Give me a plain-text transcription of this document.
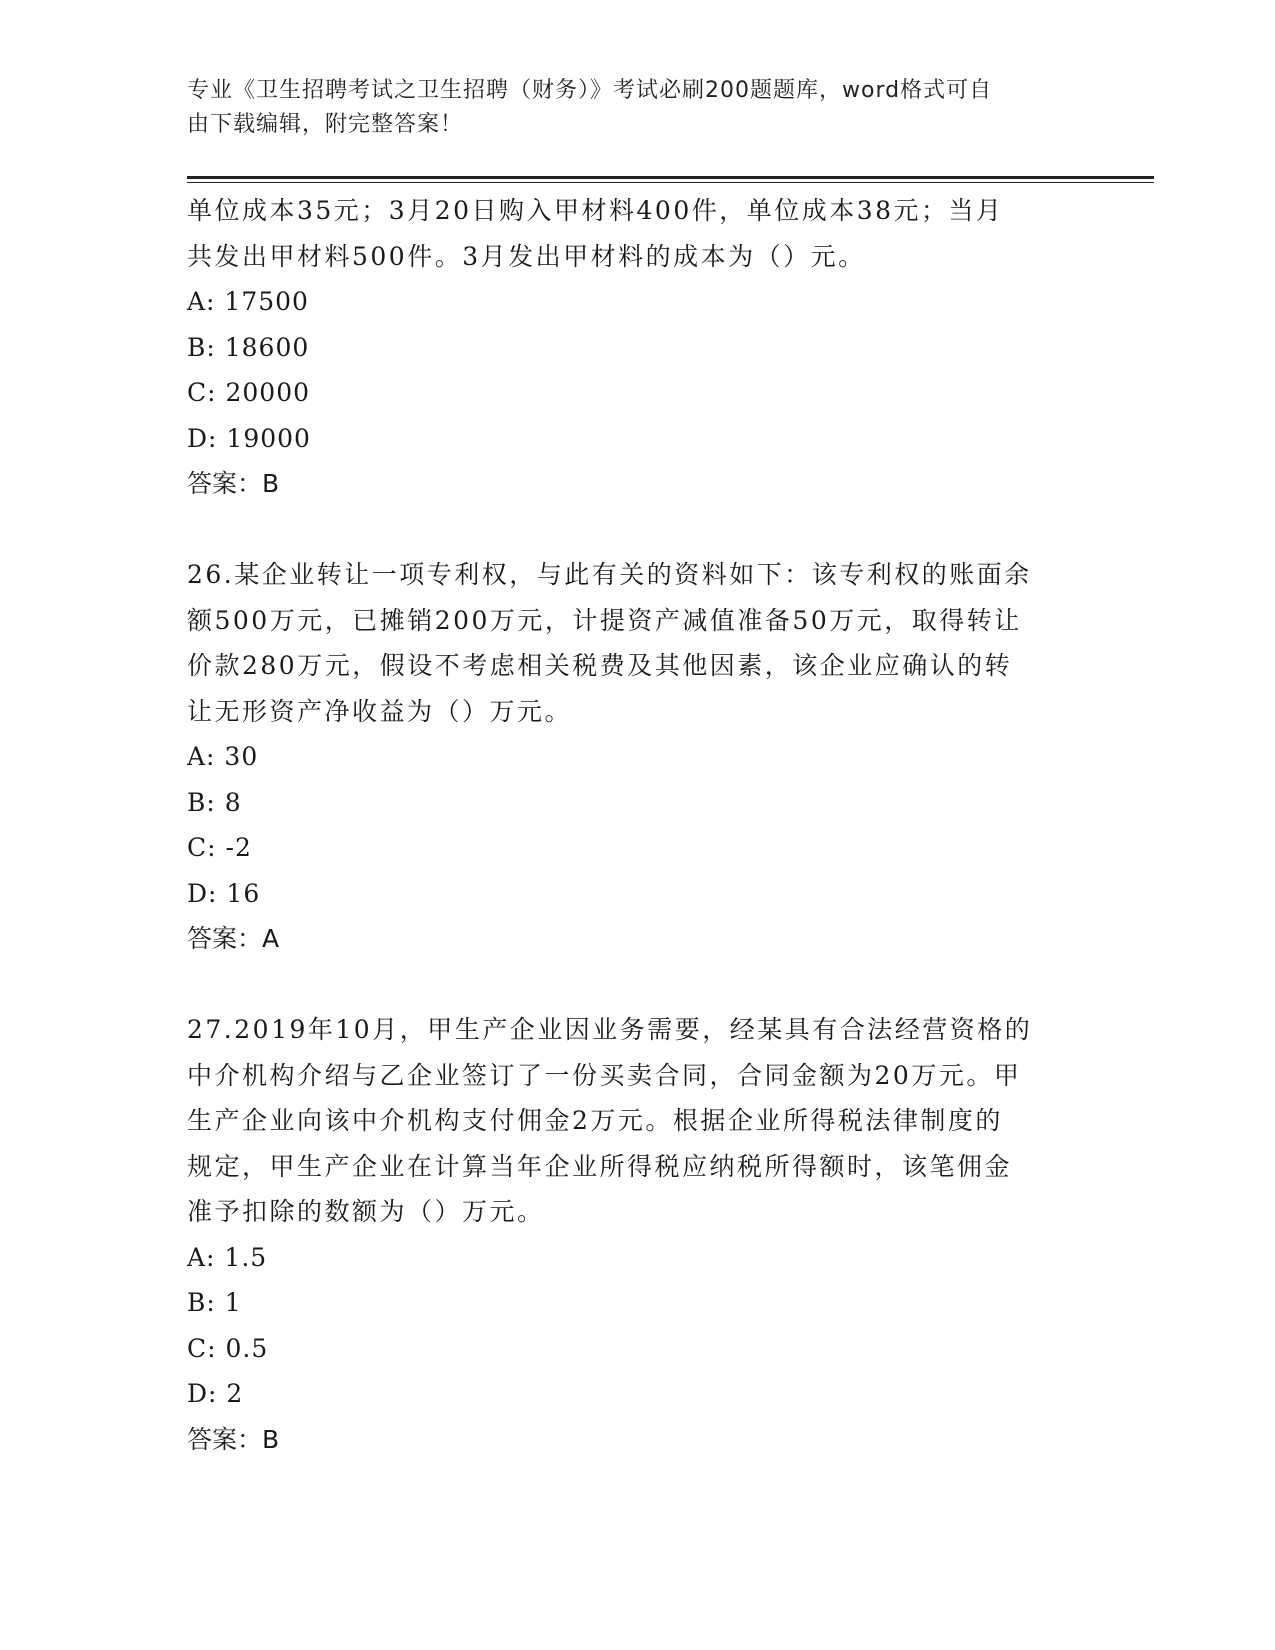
专业《卫生招聘考试之卫生招聘（财务）》考试必刷200题题库，word格式可自
由下载编辑，附完整答案！

单位成本35元；3月20日购入甲材料400件，单位成本38元；当月

共发出甲材料500件。3月发出甲材料的成本为（）元。

A: 17500

B: 18600

C: 20000

D: 19000

答案：B

26.某企业转让一项专利权，与此有关的资料如下：该专利权的账面余

额500万元，已摊销200万元，计提资产减值准备50万元，取得转让

价款280万元，假设不考虑相关税费及其他因素，该企业应确认的转

让无形资产净收益为（）万元。

A: 30

B: 8

C: -2

D: 16

答案：A

27.2019年10月，甲生产企业因业务需要，经某具有合法经营资格的

中介机构介绍与乙企业签订了一份买卖合同，合同金额为20万元。甲

生产企业向该中介机构支付佣金2万元。根据企业所得税法律制度的

规定，甲生产企业在计算当年企业所得税应纳税所得额时，该笔佣金

准予扣除的数额为（）万元。

A: 1.5

B: 1

C: 0.5

D: 2

答案：B
